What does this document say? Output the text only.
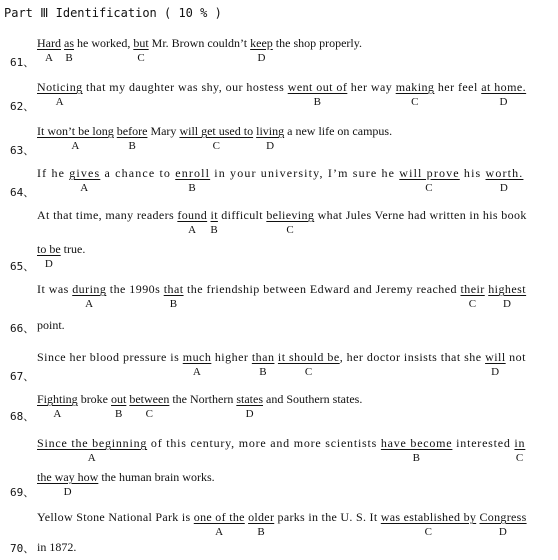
Part Ⅲ Identification ( 10 % )
Hard
A
as
B
he worked, but
C
Mr. Brown couldn’t keep
D
the shop properly.
61、
Noticing
A
that my daughter was shy, our hostess went out of
B
her way making
C
her feel at home.
D
62、
It won’t be long
A
before
B
Mary will get used to
C
living
D
a new life on campus.
63、
If he gives
A
a chance to enroll
B
in your university, I’m sure he will prove
C
his worth.
D
64、
At that time, many readers found
A
it
B
difficult believing
C
what Jules Verne had written in his book
to be
D
true.
65、
It was during
A
the 1990s that
B
the friendship between Edward and Jeremy reached their
C
highest
D
point.
66、
Since her blood pressure is much
A
higher than
B
it should be
C
, her doctor insists that she will
D
not
67、
Fighting
A
broke out
B
between
C
the Northern states
D
and Southern states.
68、
Since the beginning
A
of this century, more and more scientists have become
B
interested in
C
the way how
D
the human brain works.
69、
Yellow Stone National Park is one of the
A
older
B
parks in the U. S. It was established by
C
Congress
D
in 1872.
70、
